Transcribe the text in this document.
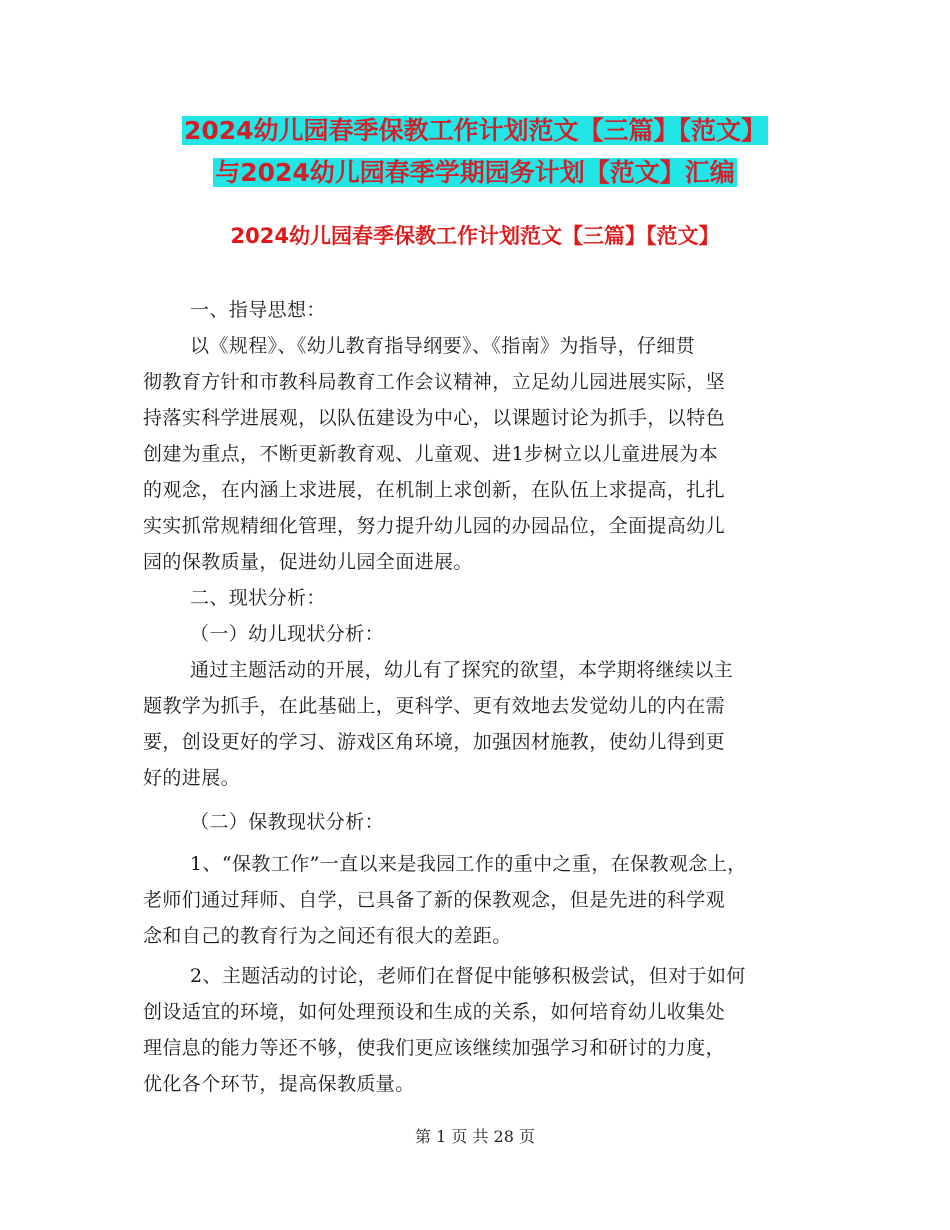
2024幼儿园春季保教工作计划范文【三篇】【范文】
与2024幼儿园春季学期园务计划【范文】汇编
2024幼儿园春季保教工作计划范文【三篇】【范文】
一、指导思想：
以《规程》、《幼儿教育指导纲要》、《指南》为指导，仔细贯
彻教育方针和市教科局教育工作会议精神，立足幼儿园进展实际，坚
持落实科学进展观，以队伍建设为中心，以课题讨论为抓手，以特色
创建为重点，不断更新教育观、儿童观、进1步树立以儿童进展为本
的观念，在内涵上求进展，在机制上求创新，在队伍上求提高，扎扎
实实抓常规精细化管理，努力提升幼儿园的办园品位，全面提高幼儿
园的保教质量，促进幼儿园全面进展。
二、现状分析：
（一）幼儿现状分析：
通过主题活动的开展，幼儿有了探究的欲望，本学期将继续以主
题教学为抓手，在此基础上，更科学、更有效地去发觉幼儿的内在需
要，创设更好的学习、游戏区角环境，加强因材施教，使幼儿得到更
好的进展。
（二）保教现状分析：
1、“保教工作”一直以来是我园工作的重中之重，在保教观念上，
老师们通过拜师、自学，已具备了新的保教观念，但是先进的科学观
念和自己的教育行为之间还有很大的差距。
2、主题活动的讨论，老师们在督促中能够积极尝试，但对于如何
创设适宜的环境，如何处理预设和生成的关系，如何培育幼儿收集处
理信息的能力等还不够，使我们更应该继续加强学习和研讨的力度，
优化各个环节，提高保教质量。
第 1 页 共 28 页
